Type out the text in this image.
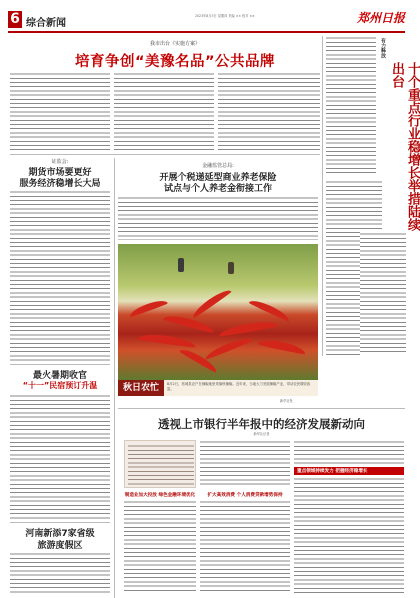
6 综合新闻
2023年8月3日 星期四 责编 ×× 校对 ××	郑州日报
我市出台《实施方案》
培育争创“美豫名品”公共品牌
有力释放
十个重点行业稳增长举措陆续出台
证监会:
期货市场要更好
服务经济稳增长大局
金融监管总局:
开展个税递延型商业养老保险
试点与个人养老金衔接工作
秋日农忙	8月2日，柘城县农户在辣椒地里采摘秋辣椒。近年来，当地大力发展辣椒产业，带动农民增收致富。
新华社发
最火暑期收官
“十一”民宿预订升温
河南新添7家省级
旅游度假区
透视上市银行半年报中的经济发展新动向
新华社记者
重点领域持续发力 把握经济稳增长
制造业加大投放 绿色金融环境优化	扩大高效消费 个人消费贷款增势保持
